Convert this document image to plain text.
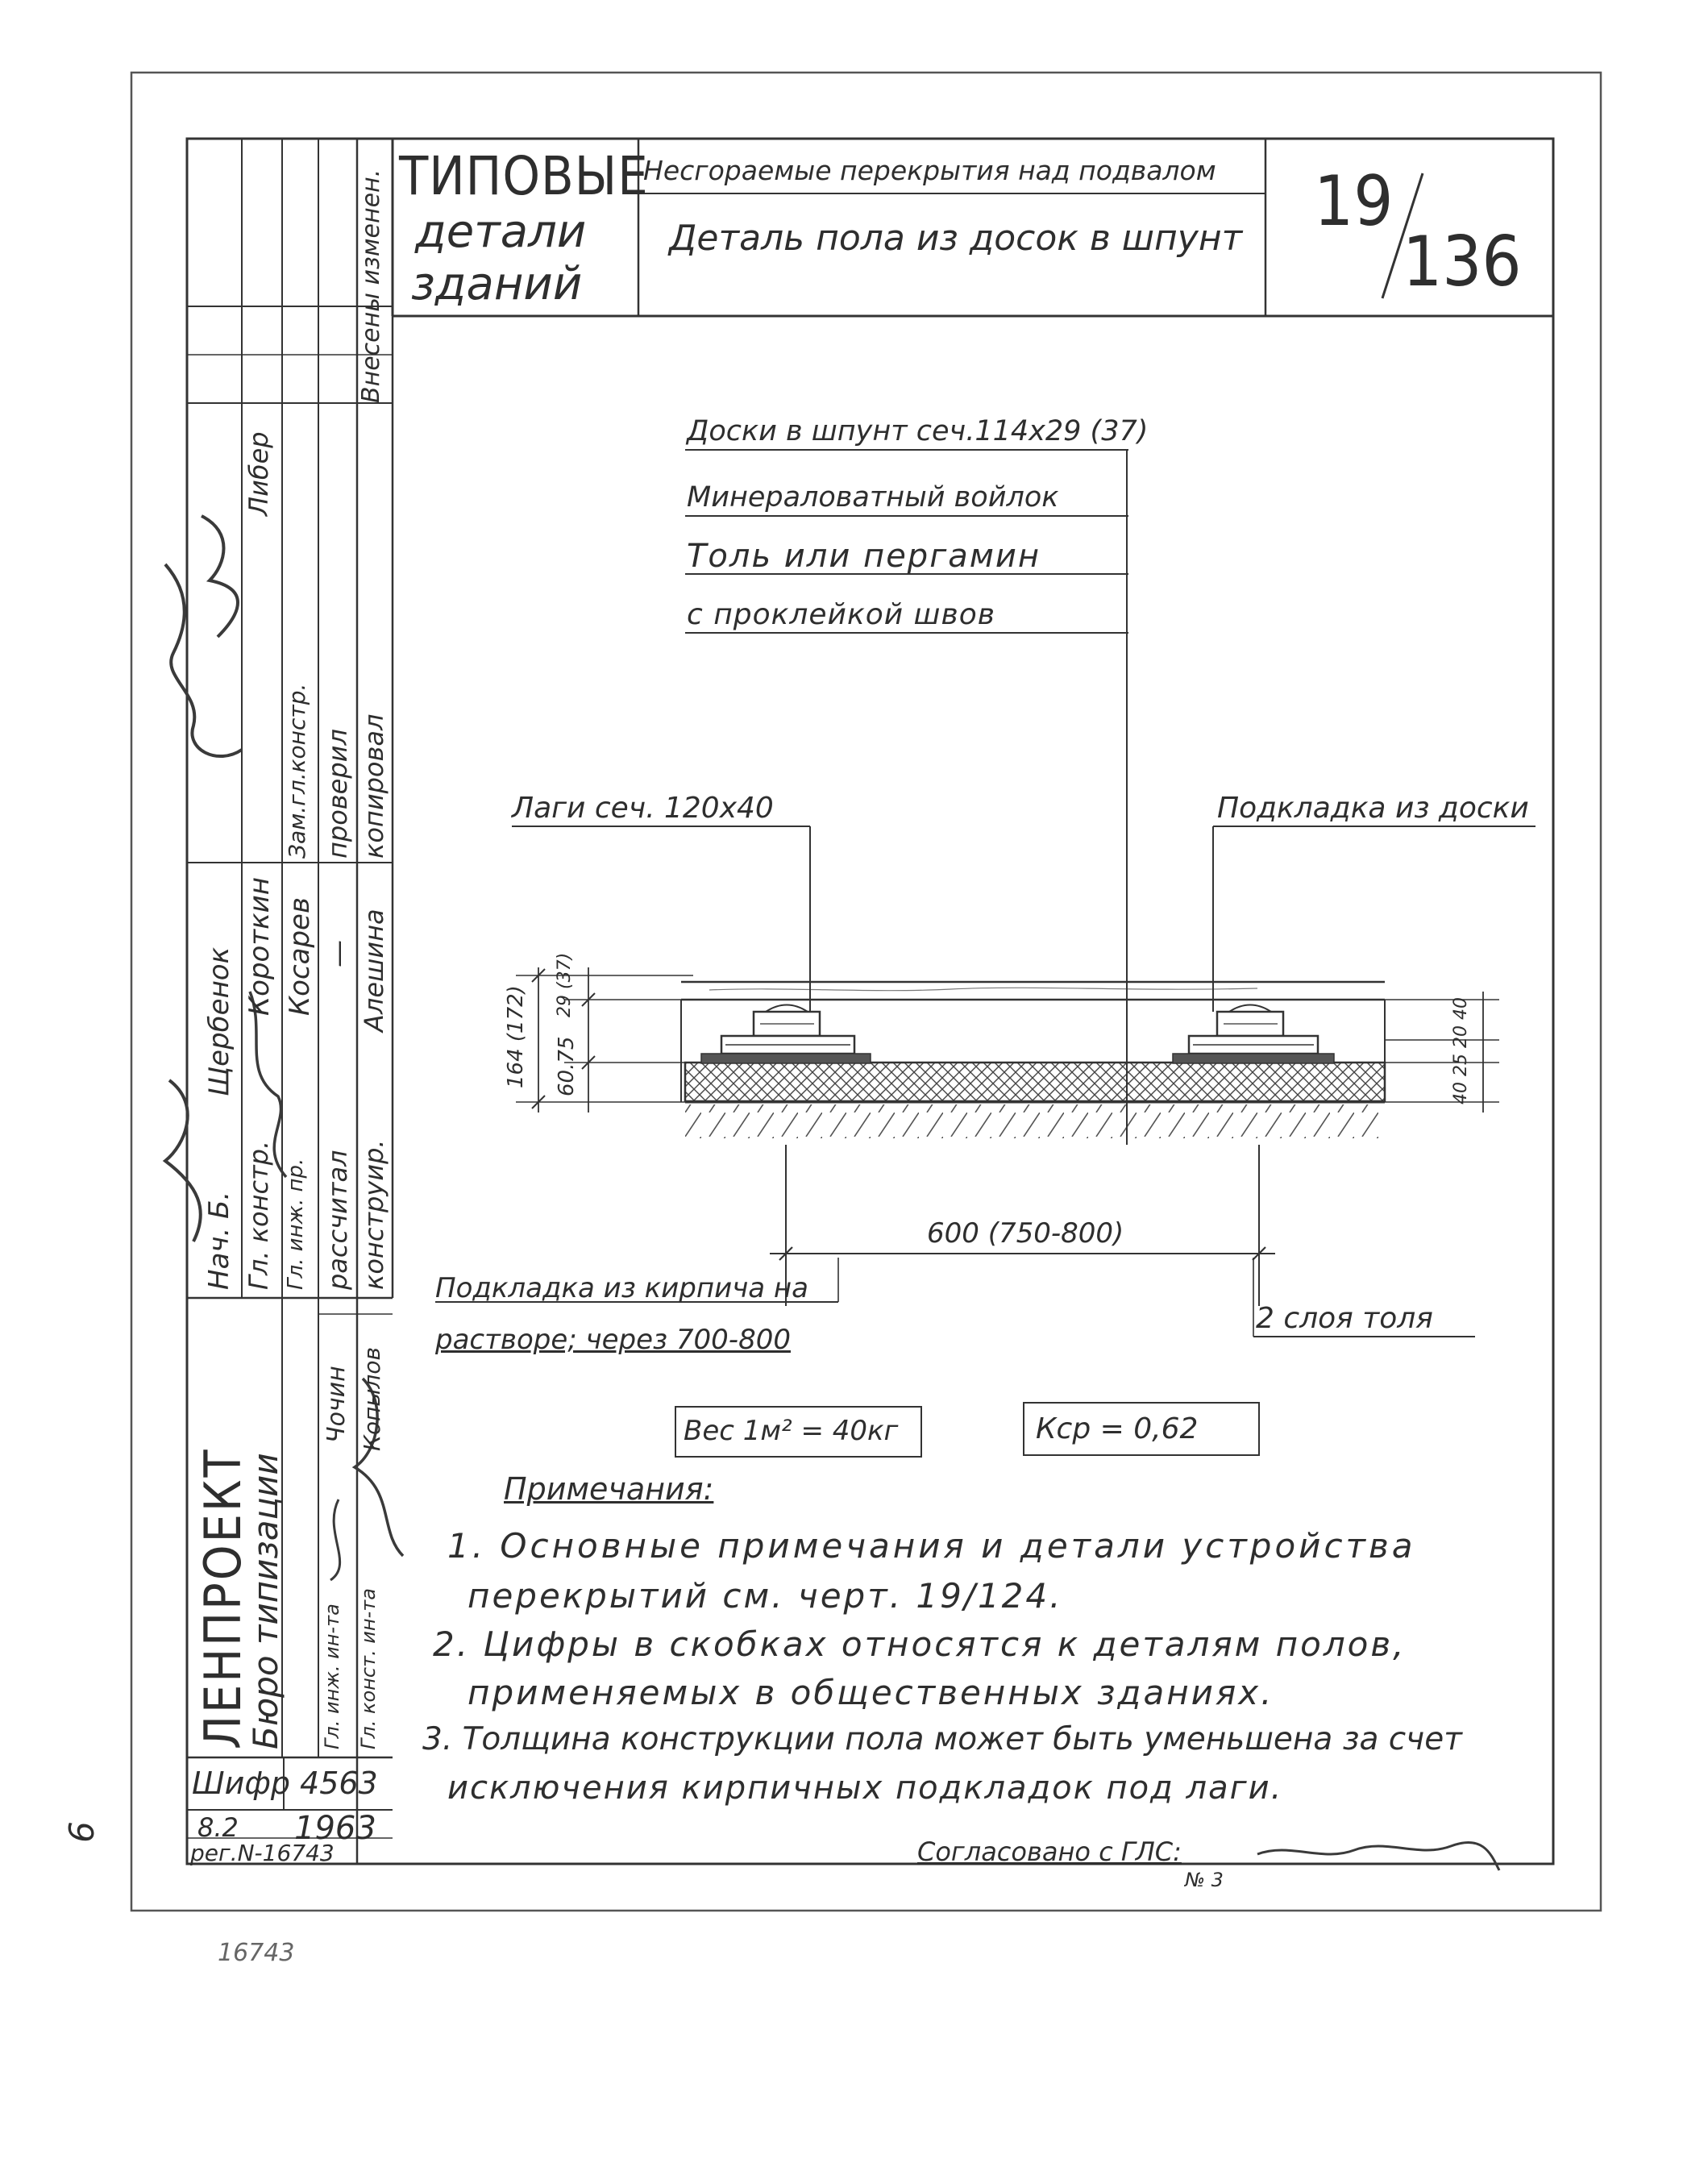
ТИПОВЫЕ
детали
зданий
Несгораемые перекрытия над подвалом
Деталь пола из досок в шпунт 19
136
Внесены изменен.
Зам.гл.констр. проверил копировал
Либер
Нач. Б. Гл. констр. Гл. инж. пр. рассчитал конструир.
Щербенок
Короткин Косарев — Алешина
ЛЕНПРОЕКТ
Бюро типизации
Чочин Копылов
Гл. инж. ин-та Гл. конст. ин-та
Шифр 4563
8.2 1963
рег.N-16743
Доски в шпунт сеч.114х29 (37)
Минераловатный войлок
Толь или пергамин
с проклейкой швов
Лаги сеч. 120х40	Подкладка из доски
164 (172) 60.75
29 (37)
40 25 20 40
600 (750-800)
Подкладка из кирпича на
растворе; через 700-800
2 слоя толя
Вес 1м² = 40кг	Кср = 0,62
Примечания:
1. Основные примечания и детали устройства
перекрытий см. черт. 19/124.
2. Цифры в скобках относятся к деталям полов,
применяемых в общественных зданиях.
3. Толщина конструкции пола может быть уменьшена за счет
исключения кирпичных подкладок под лаги.
Согласовано с ГЛС:
№ 3
6
16743
